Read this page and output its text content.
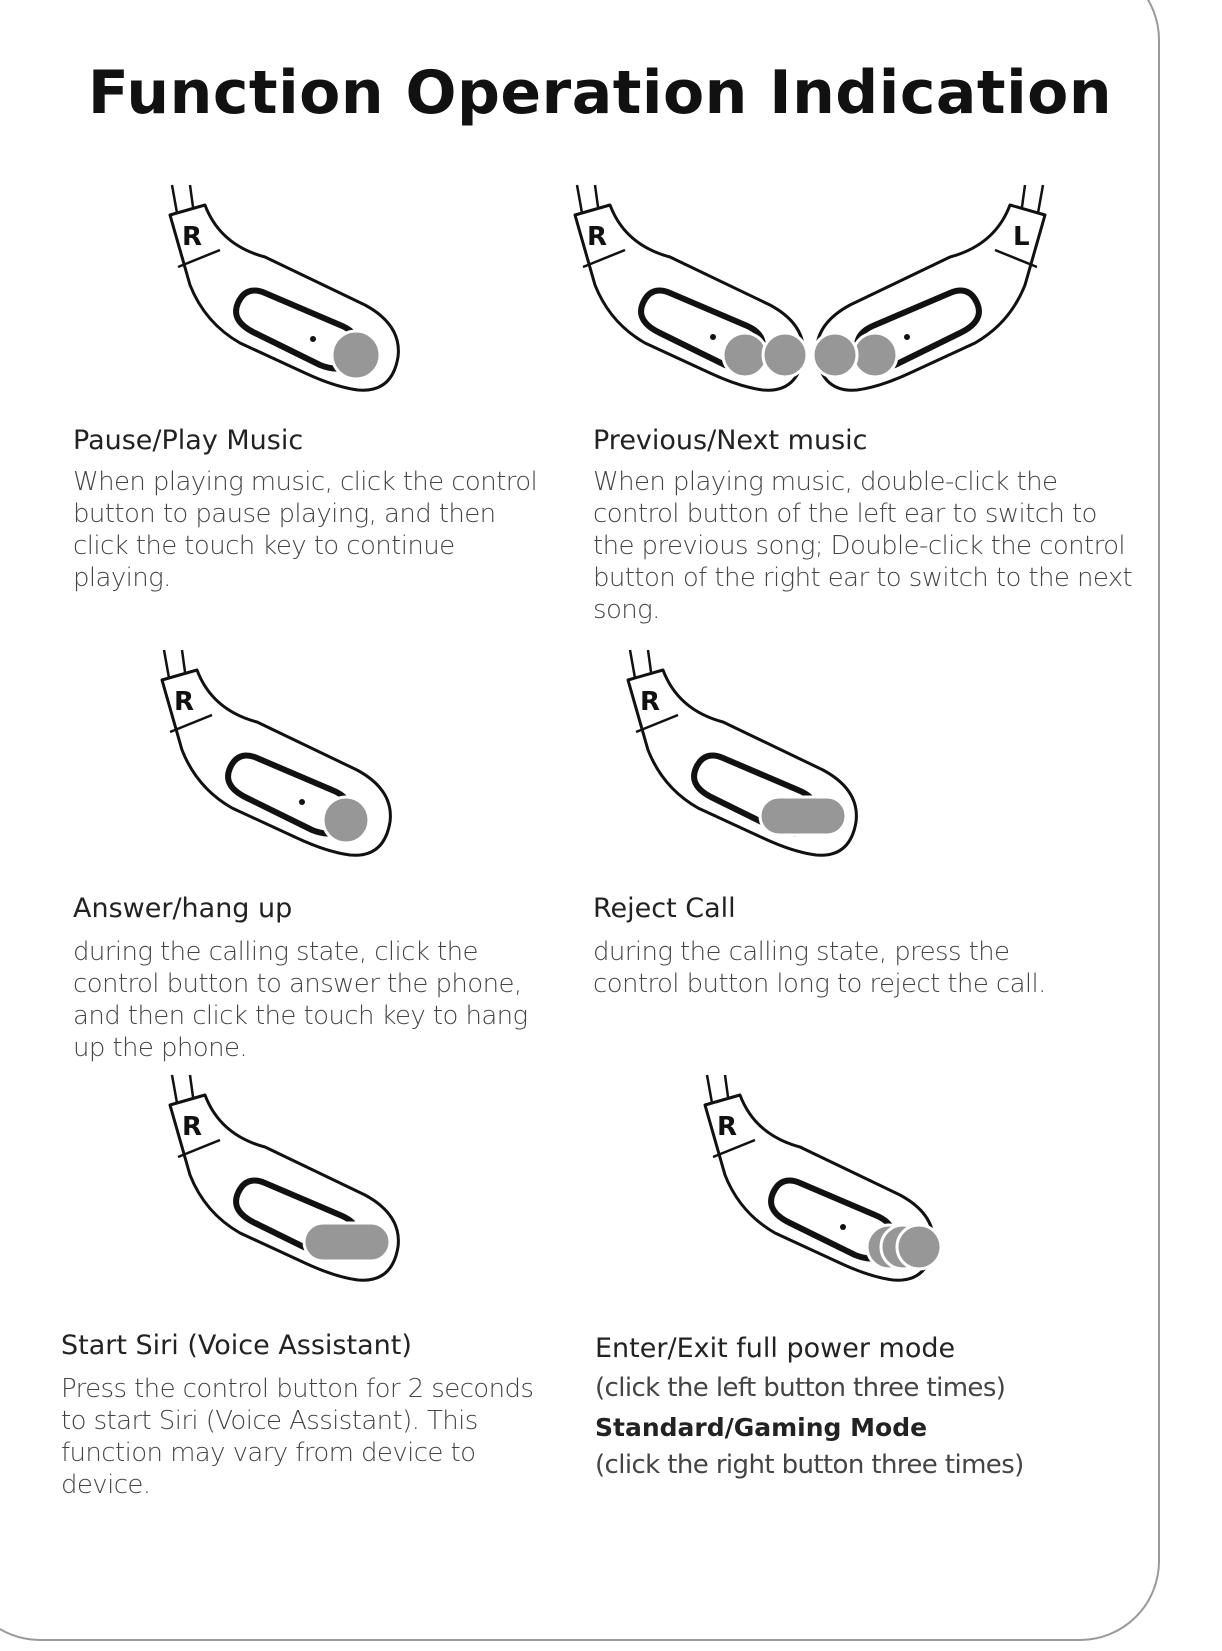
Function Operation Indication
R
Pause/Play Music
When playing music, click the control button to pause playing, and then click the touch key to continue playing.
R	L
Previous/Next music
When playing music, double-click the control button of the left ear to switch to the previous song; Double-click the control button of the right ear to switch to the next song.
R
Answer/hang up
during the calling state, click the control button to answer the phone, and then click the touch key to hang up the phone.
R
Reject Call
during the calling state, press the control button long to reject the call.
R
Start Siri (Voice Assistant)
Press the control button for 2 seconds to start Siri (Voice Assistant). This function may vary from device to device.
R
Enter/Exit full power mode
(click the left button three times)
Standard/Gaming Mode
(click the right button three times)
